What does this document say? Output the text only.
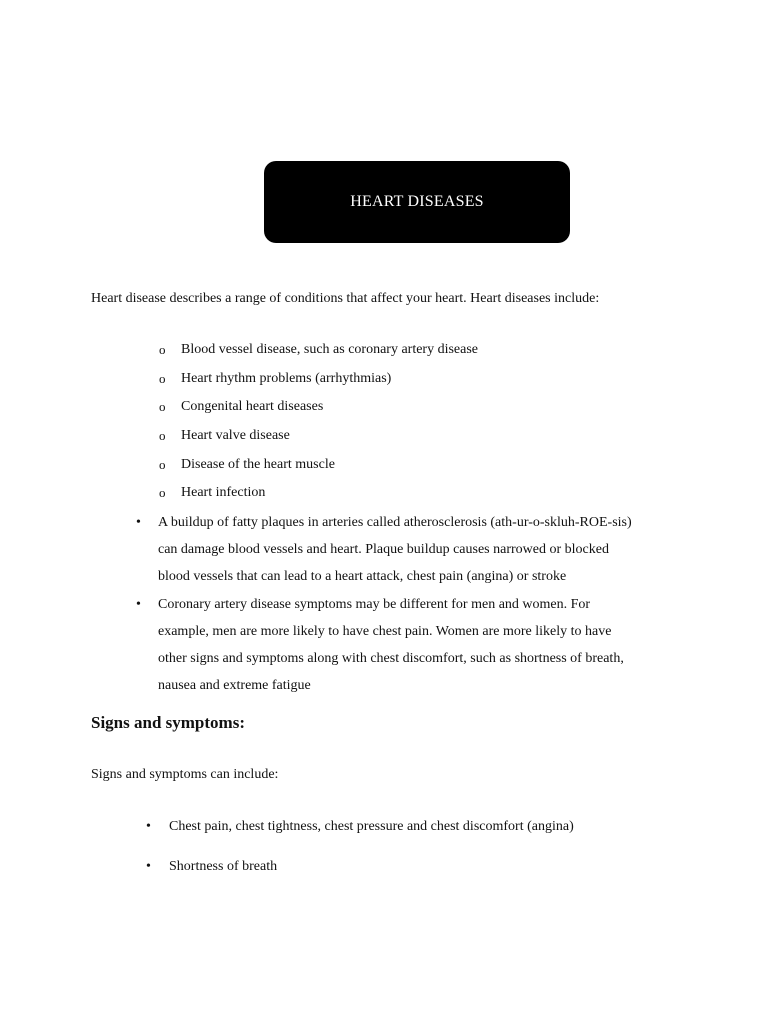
HEART DISEASES
Heart disease describes a range of conditions that affect your heart. Heart diseases include:
o Blood vessel disease, such as coronary artery disease
o Heart rhythm problems (arrhythmias)
o Congenital heart diseases
o Heart valve disease
o Disease of the heart muscle
o Heart infection
• A buildup of fatty plaques in arteries called atherosclerosis (ath-ur-o-skluh-ROE-sis)
can damage blood vessels and heart. Plaque buildup causes narrowed or blocked
blood vessels that can lead to a heart attack, chest pain (angina) or stroke
• Coronary artery disease symptoms may be different for men and women. For
example, men are more likely to have chest pain. Women are more likely to have
other signs and symptoms along with chest discomfort, such as shortness of breath,
nausea and extreme fatigue
Signs and symptoms:
Signs and symptoms can include:
• Chest pain, chest tightness, chest pressure and chest discomfort (angina)
• Shortness of breath
